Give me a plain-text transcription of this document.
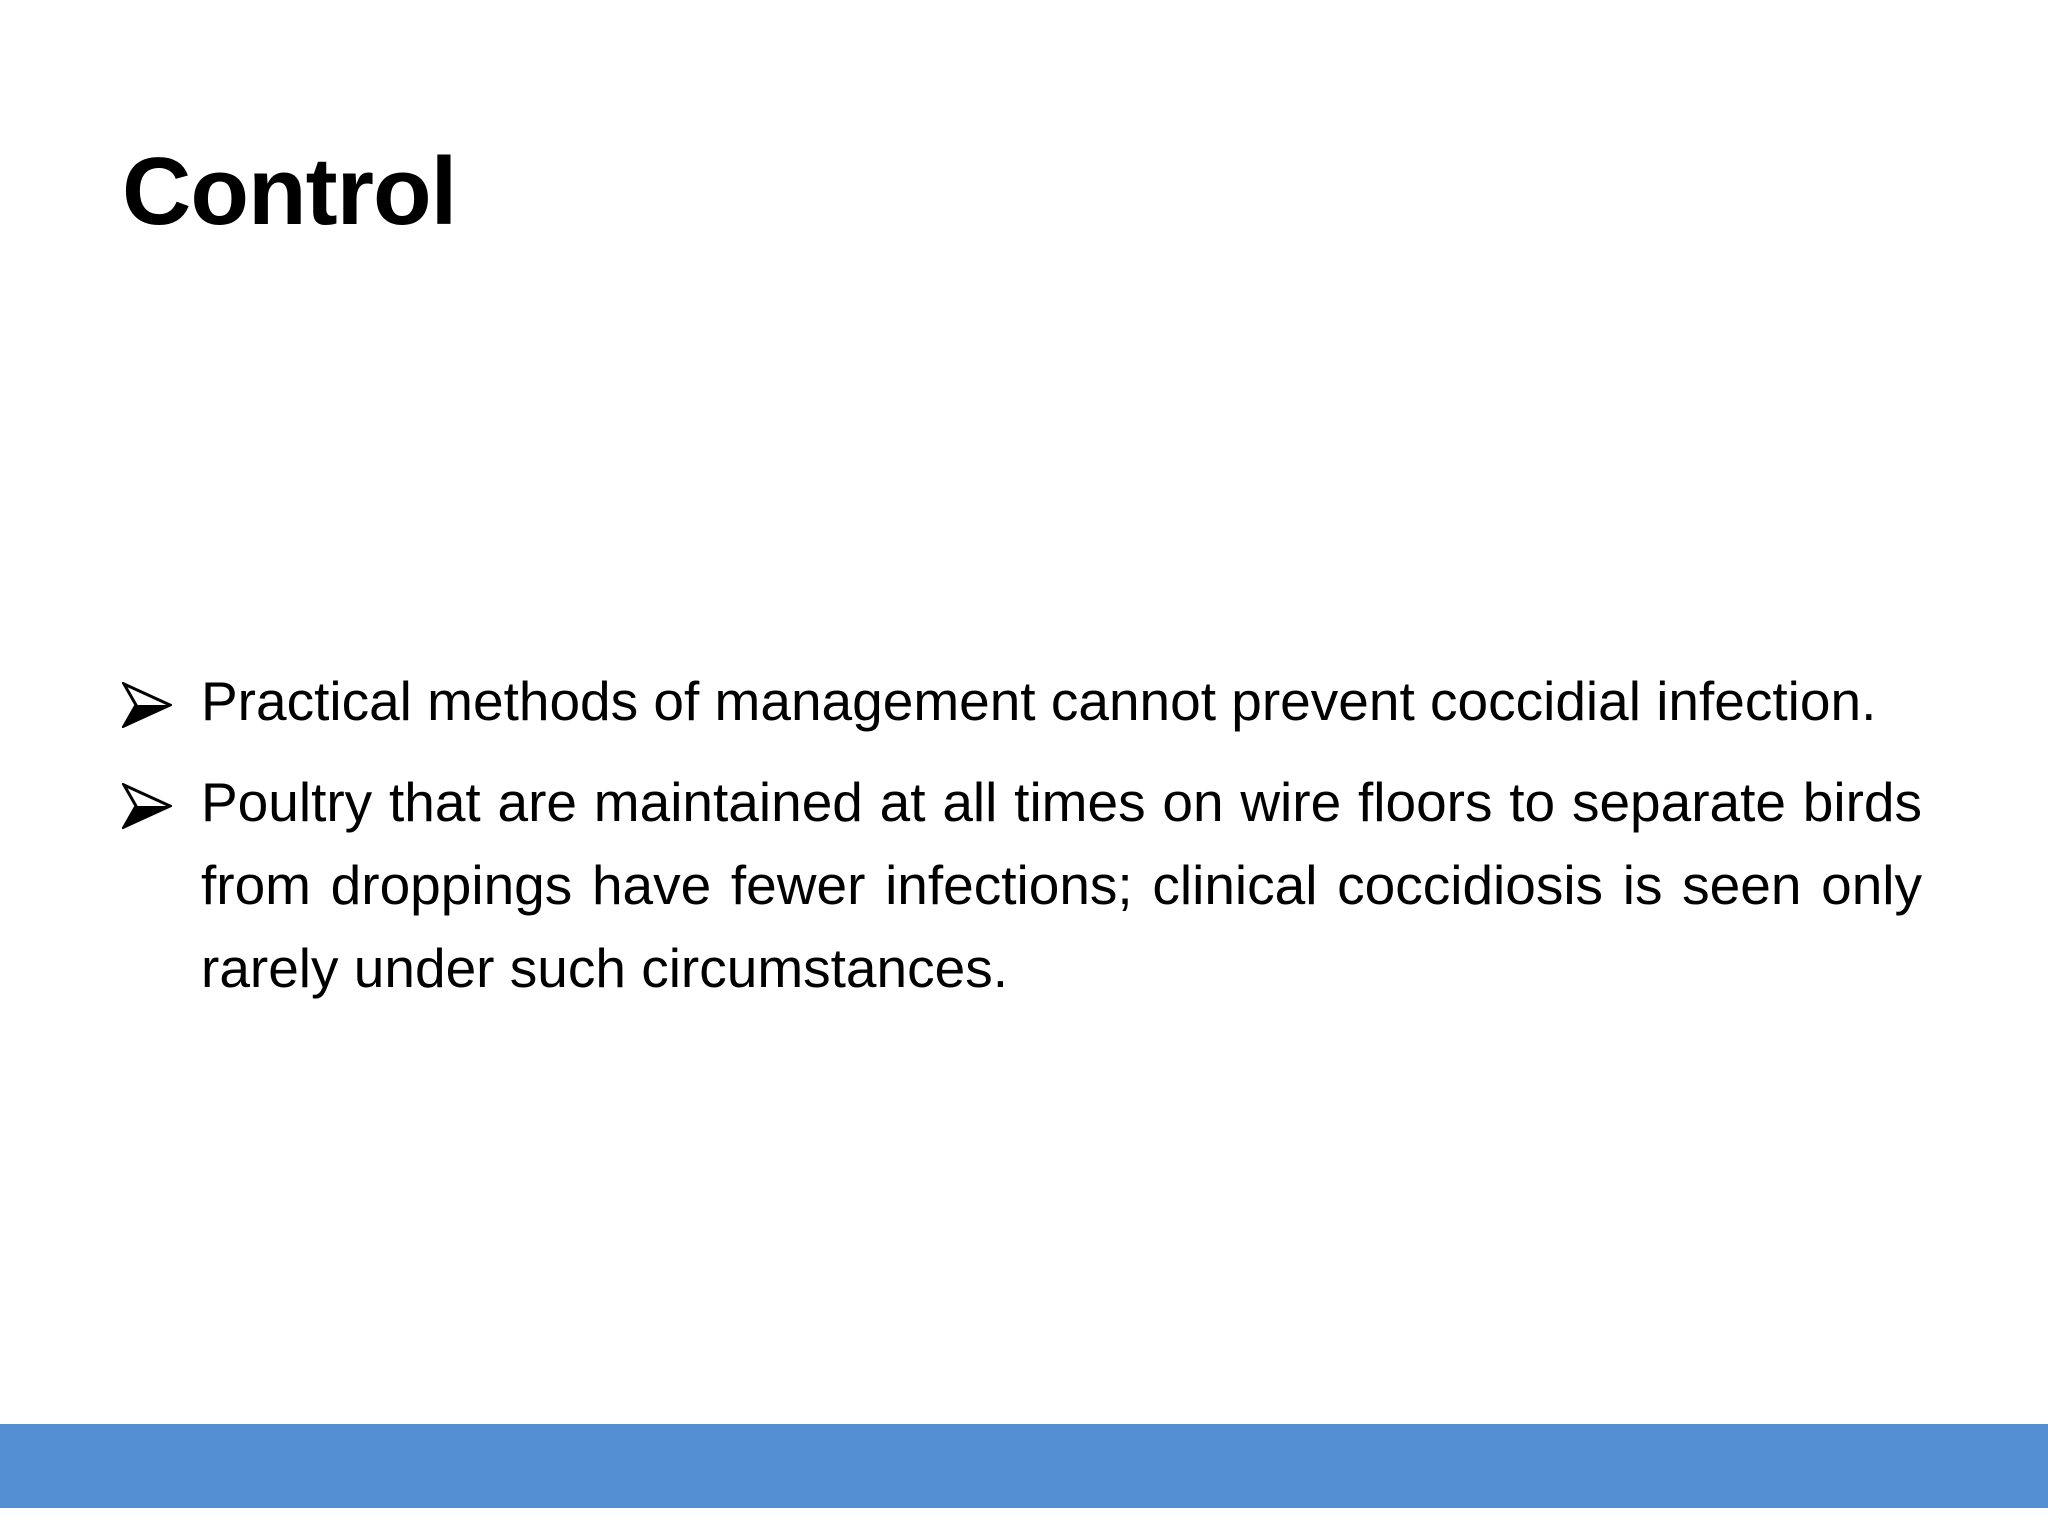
Control
Practical methods of management cannot prevent coccidial infection.
Poultry that are maintained at all times on wire floors to separate birds from droppings have fewer infections; clinical coccidiosis is seen only rarely under such circumstances.
